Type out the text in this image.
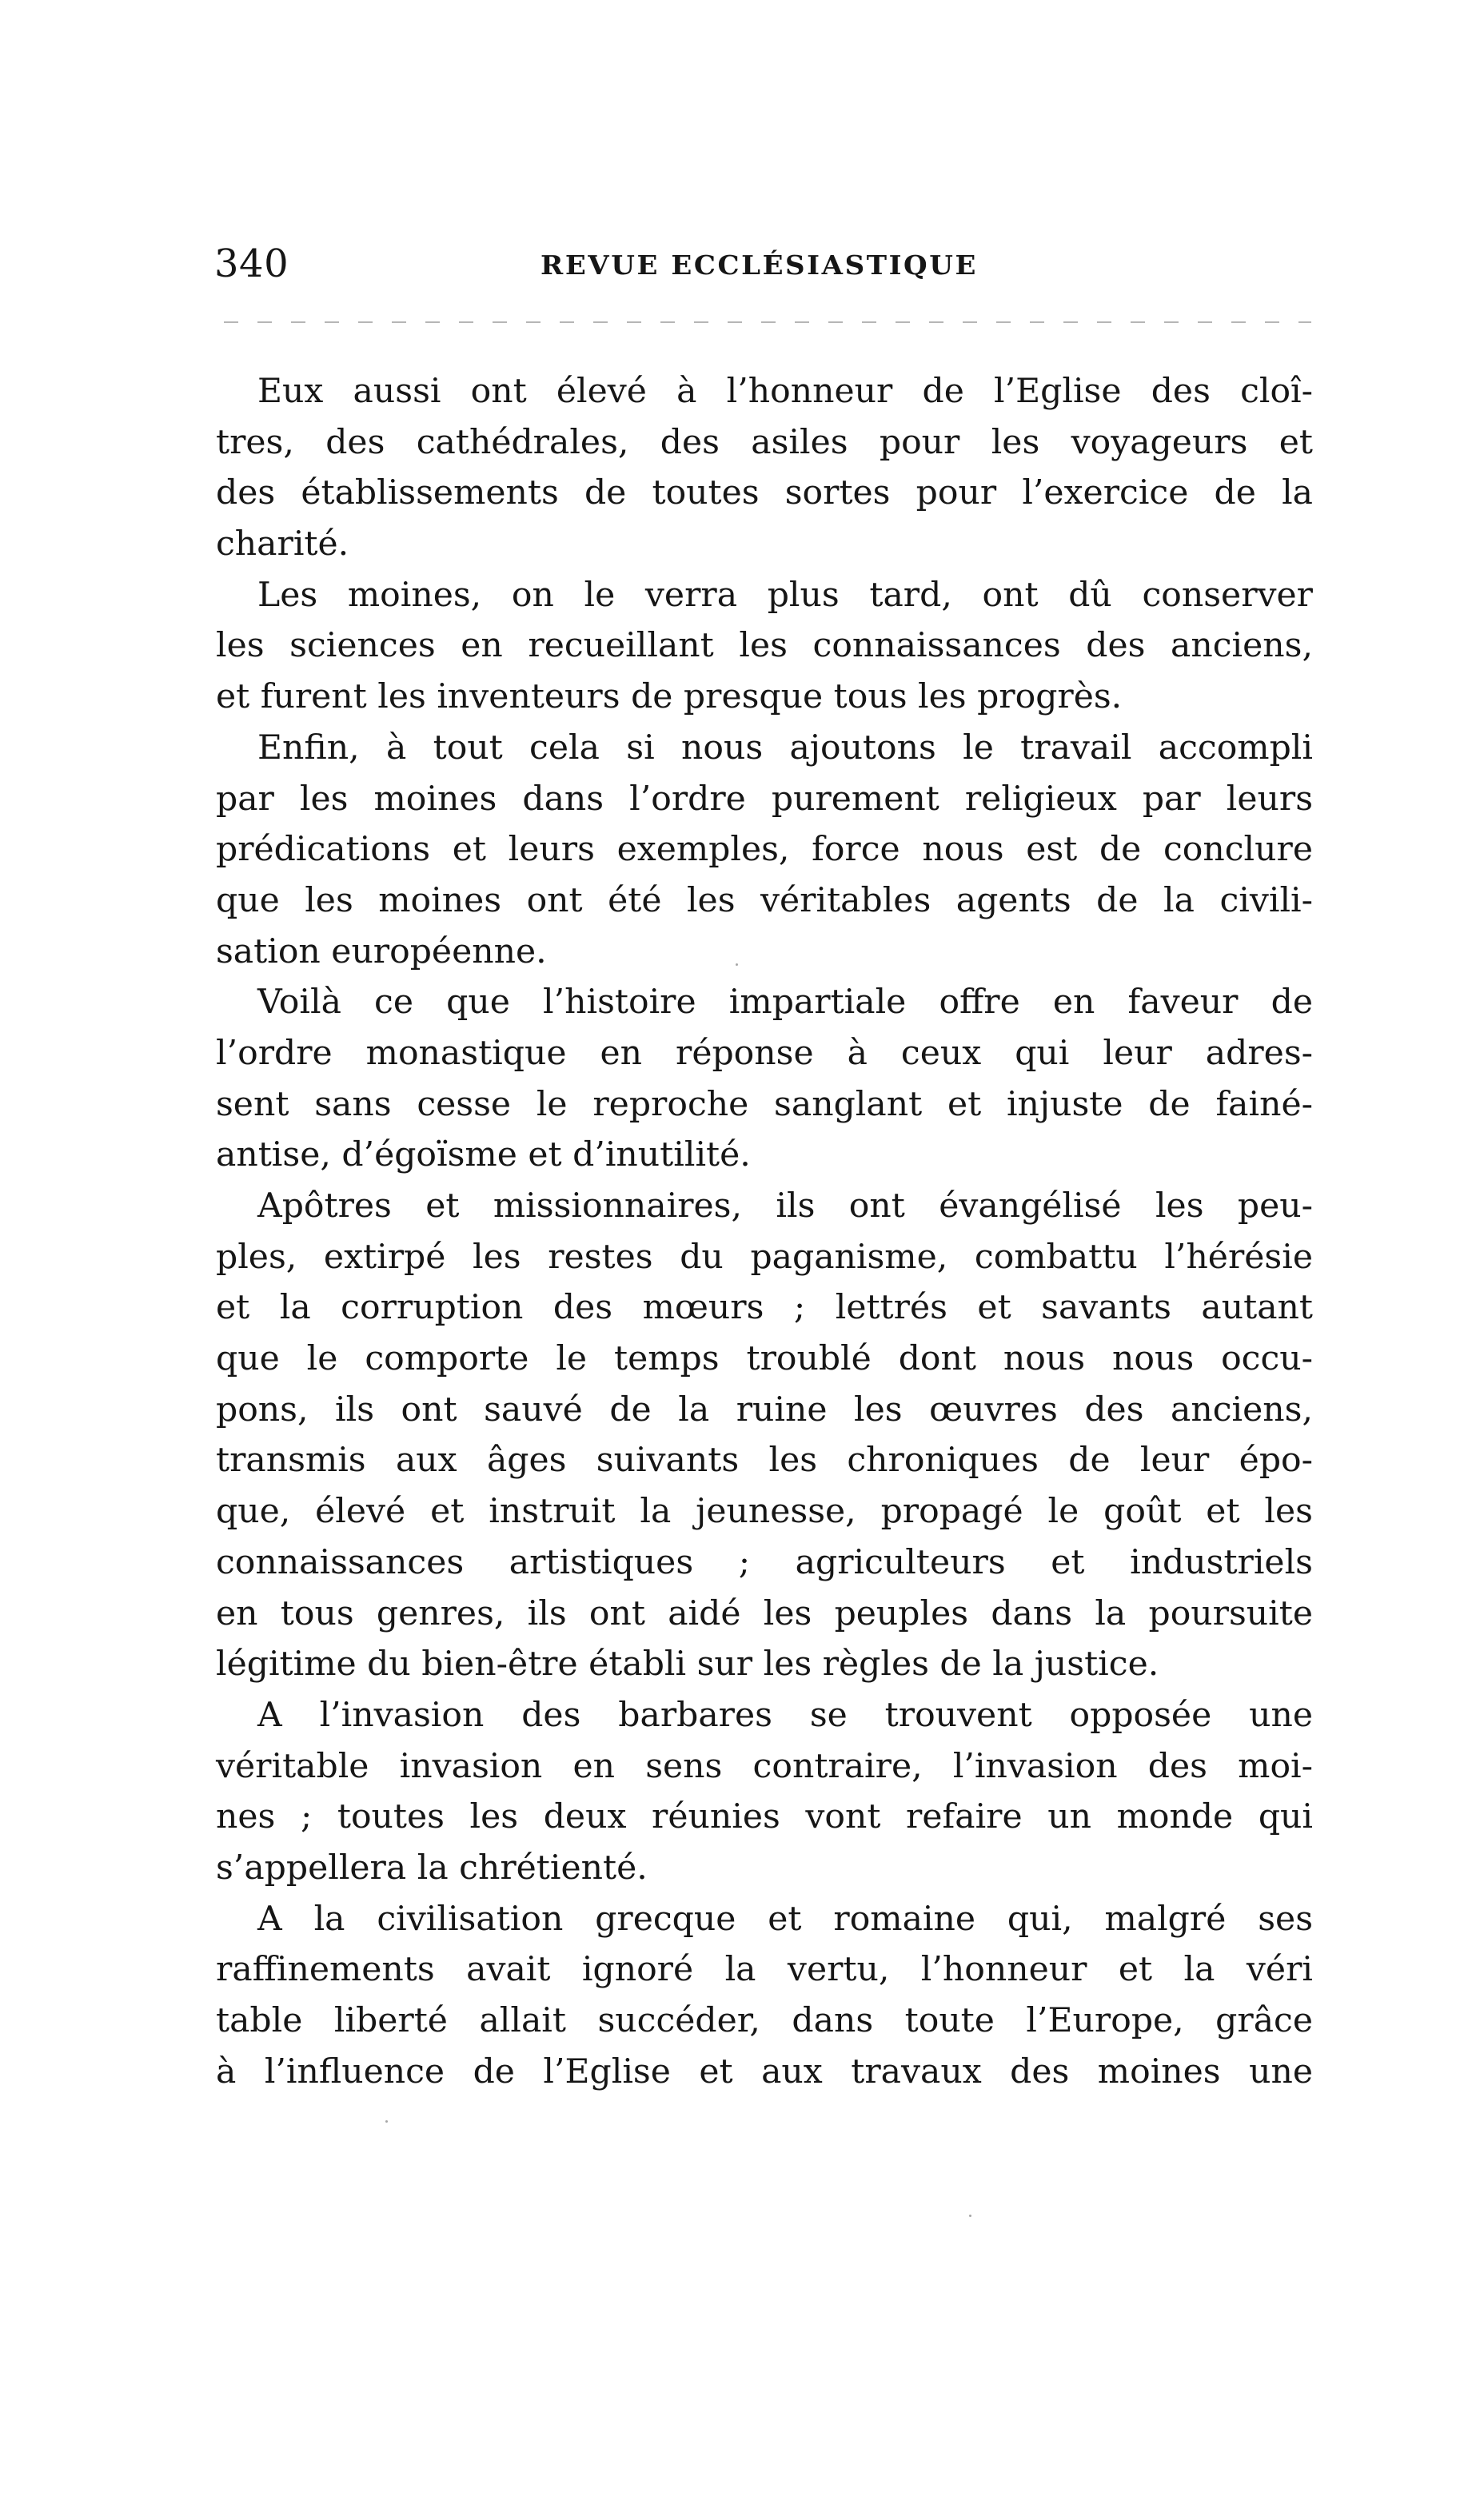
340	REVUE ECCLÉSIASTIQUE
Eux aussi ont élevé à l’honneur de l’Eglise des cloî-
tres, des cathédrales, des asiles pour les voyageurs et
des établissements de toutes sortes pour l’exercice de la
charité.
Les moines, on le verra plus tard, ont dû conserver
les sciences en recueillant les connaissances des anciens,
et furent les inventeurs de presque tous les progrès.
Enfin, à tout cela si nous ajoutons le travail accompli
par les moines dans l’ordre purement religieux par leurs
prédications et leurs exemples, force nous est de conclure
que les moines ont été les véritables agents de la civili-
sation européenne.
Voilà ce que l’histoire impartiale offre en faveur de
l’ordre monastique en réponse à ceux qui leur adres-
sent sans cesse le reproche sanglant et injuste de fainé-
antise, d’égoïsme et d’inutilité.
Apôtres et missionnaires, ils ont évangélisé les peu-
ples, extirpé les restes du paganisme, combattu l’hérésie
et la corruption des mœurs ; lettrés et savants autant
que le comporte le temps troublé dont nous nous occu-
pons, ils ont sauvé de la ruine les œuvres des anciens,
transmis aux âges suivants les chroniques de leur épo-
que, élevé et instruit la jeunesse, propagé le goût et les
connaissances artistiques ; agriculteurs et industriels
en tous genres, ils ont aidé les peuples dans la poursuite
légitime du bien-être établi sur les règles de la justice.
A l’invasion des barbares se trouvent opposée une
véritable invasion en sens contraire, l’invasion des moi-
nes ; toutes les deux réunies vont refaire un monde qui
s’appellera la chrétienté.
A la civilisation grecque et romaine qui, malgré ses
raffinements avait ignoré la vertu, l’honneur et la véri
table liberté allait succéder, dans toute l’Europe, grâce
à l’influence de l’Eglise et aux travaux des moines une
